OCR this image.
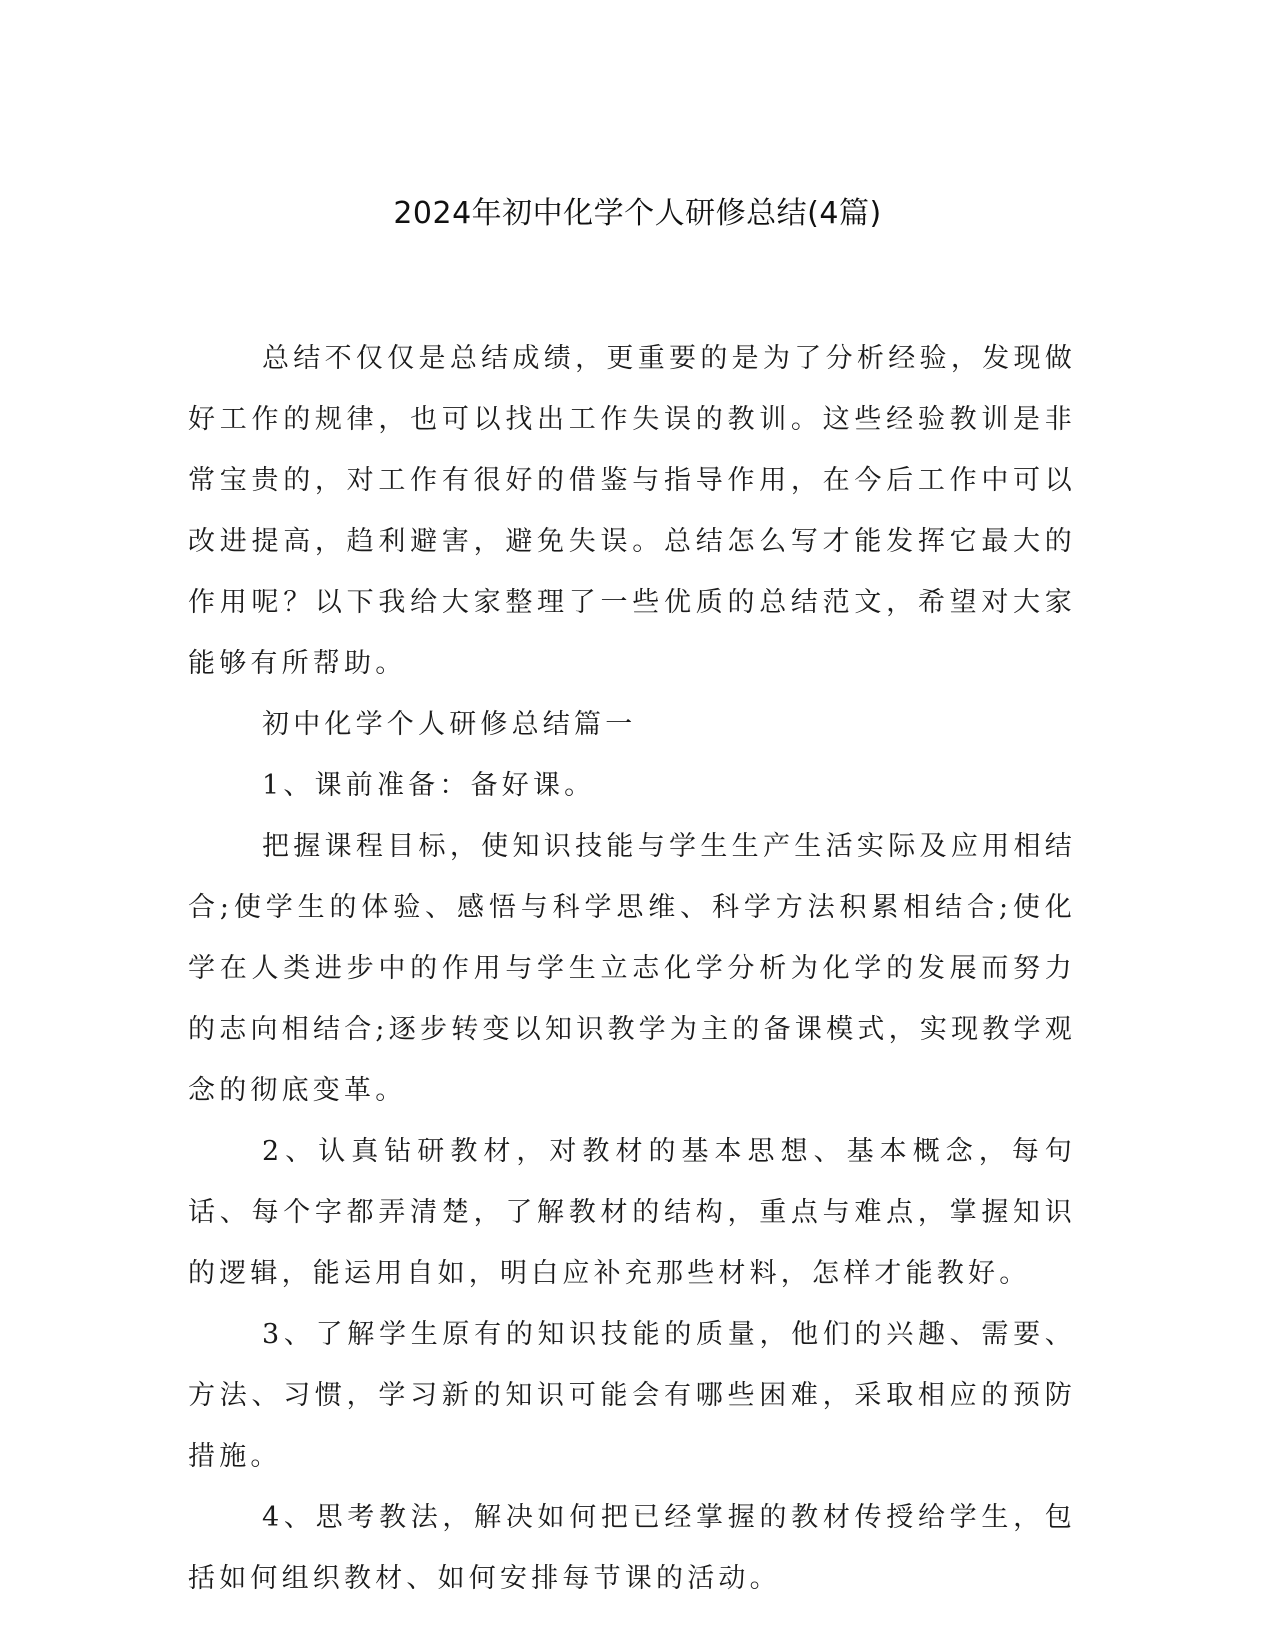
2024年初中化学个人研修总结(4篇)

总结不仅仅是总结成绩，更重要的是为了分析经验，发现做好工作的规律，也可以找出工作失误的教训。这些经验教训是非常宝贵的，对工作有很好的借鉴与指导作用，在今后工作中可以改进提高，趋利避害，避免失误。总结怎么写才能发挥它最大的作用呢？以下我给大家整理了一些优质的总结范文，希望对大家能够有所帮助。

初中化学个人研修总结篇一

1、课前准备：备好课。

把握课程目标，使知识技能与学生生产生活实际及应用相结合;使学生的体验、感悟与科学思维、科学方法积累相结合;使化学在人类进步中的作用与学生立志化学分析为化学的发展而努力的志向相结合;逐步转变以知识教学为主的备课模式，实现教学观念的彻底变革。

2、认真钻研教材，对教材的基本思想、基本概念，每句话、每个字都弄清楚，了解教材的结构，重点与难点，掌握知识的逻辑，能运用自如，明白应补充那些材料，怎样才能教好。

3、了解学生原有的知识技能的质量，他们的兴趣、需要、方法、习惯，学习新的知识可能会有哪些困难，采取相应的预防措施。

4、思考教法，解决如何把已经掌握的教材传授给学生，包括如何组织教材、如何安排每节课的活动。
